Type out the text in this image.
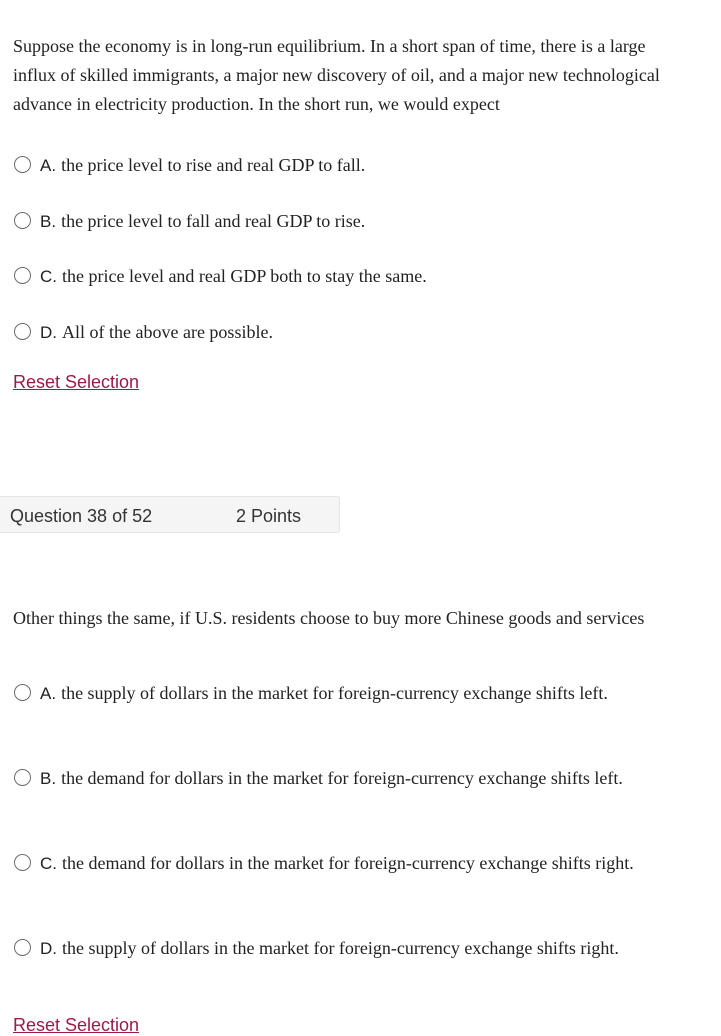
Suppose the economy is in long-run equilibrium. In a short span of time, there is a large influx of skilled immigrants, a major new discovery of oil, and a major new technological advance in electricity production. In the short run, we would expect
A. the price level to rise and real GDP to fall.
B. the price level to fall and real GDP to rise.
C. the price level and real GDP both to stay the same.
D. All of the above are possible.
Reset Selection
Question 38 of 52	2 Points
Other things the same, if U.S. residents choose to buy more Chinese goods and services
A. the supply of dollars in the market for foreign-currency exchange shifts left.
B. the demand for dollars in the market for foreign-currency exchange shifts left.
C. the demand for dollars in the market for foreign-currency exchange shifts right.
D. the supply of dollars in the market for foreign-currency exchange shifts right.
Reset Selection
